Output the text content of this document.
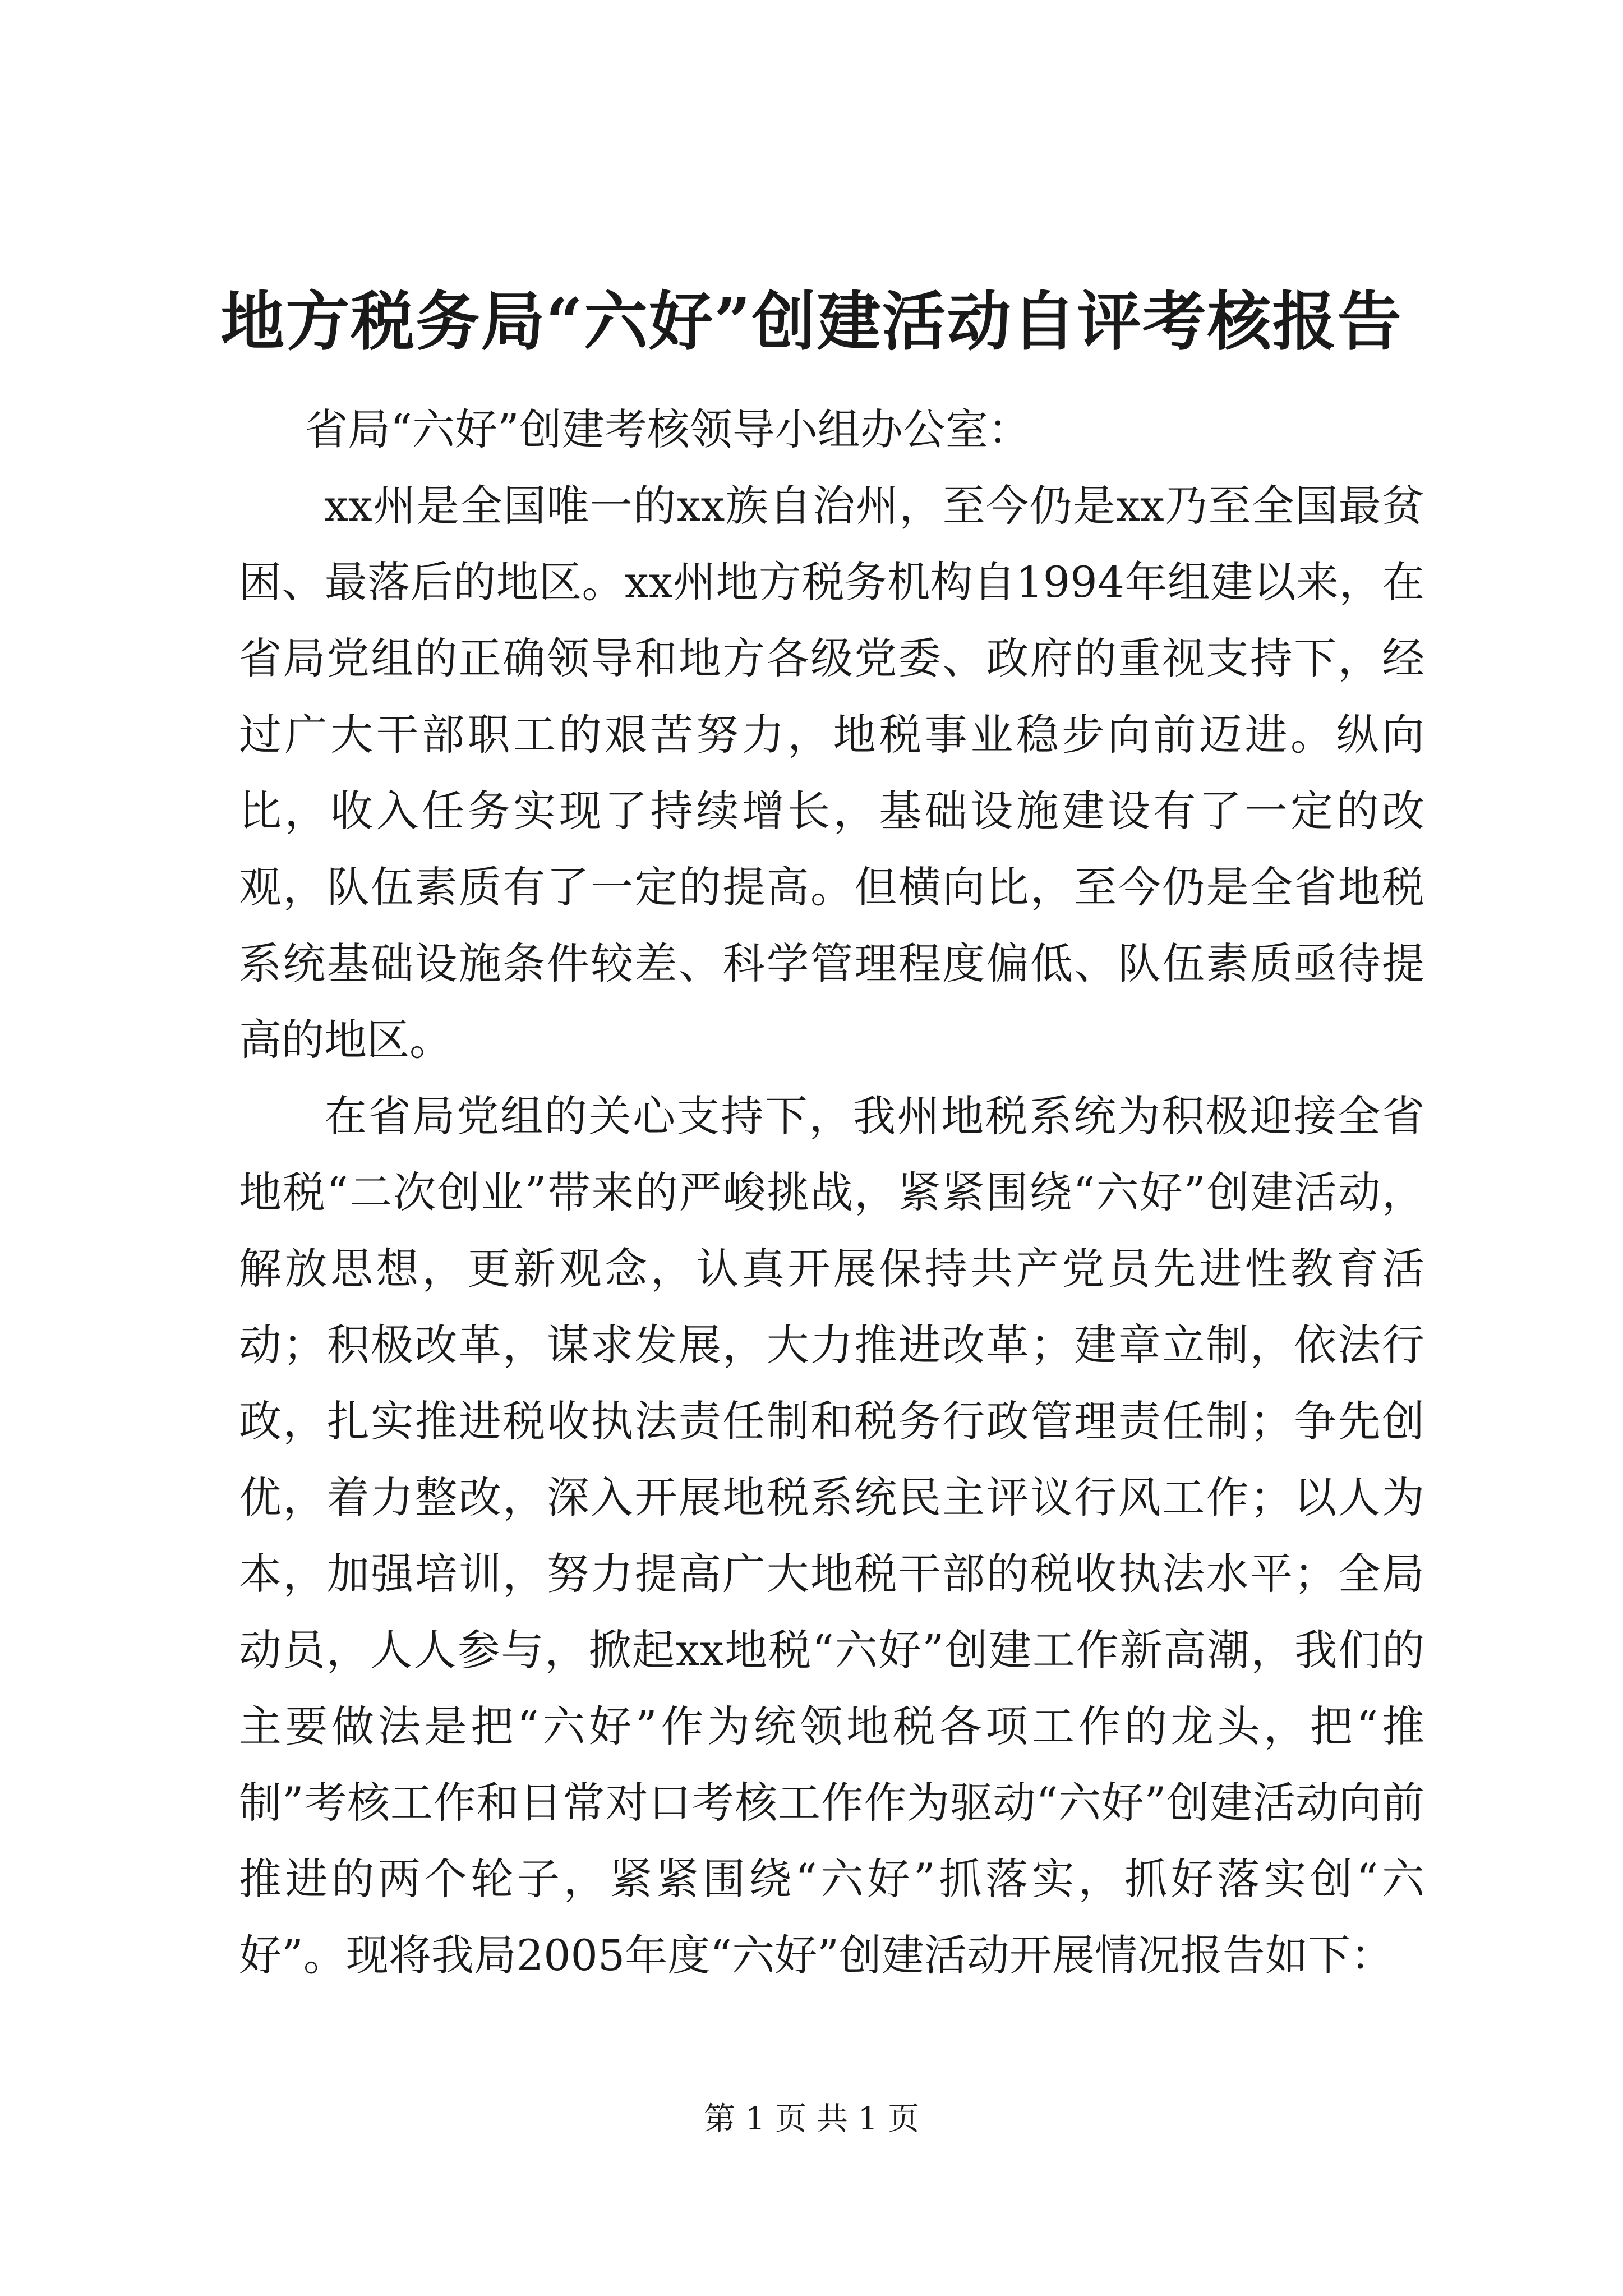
地方税务局“六好”创建活动自评考核报告

省局“六好”创建考核领导小组办公室：

xx州是全国唯一的xx族自治州，至今仍是xx乃至全国最贫困、最落后的地区。xx州地方税务机构自1994年组建以来，在省局党组的正确领导和地方各级党委、政府的重视支持下，经过广大干部职工的艰苦努力，地税事业稳步向前迈进。纵向比，收入任务实现了持续增长，基础设施建设有了一定的改观，队伍素质有了一定的提高。但横向比，至今仍是全省地税系统基础设施条件较差、科学管理程度偏低、队伍素质亟待提高的地区。

在省局党组的关心支持下，我州地税系统为积极迎接全省地税“二次创业”带来的严峻挑战，紧紧围绕“六好”创建活动，解放思想，更新观念，认真开展保持共产党员先进性教育活动；积极改革，谋求发展，大力推进改革；建章立制，依法行政，扎实推进税收执法责任制和税务行政管理责任制；争先创优，着力整改，深入开展地税系统民主评议行风工作；以人为本，加强培训，努力提高广大地税干部的税收执法水平；全局动员，人人参与，掀起xx地税“六好”创建工作新高潮，我们的主要做法是把“六好”作为统领地税各项工作的龙头，把“推制”考核工作和日常对口考核工作作为驱动“六好”创建活动向前推进的两个轮子，紧紧围绕“六好”抓落实，抓好落实创“六好”。现将我局2005年度“六好”创建活动开展情况报告如下：

第 1 页 共 1 页
